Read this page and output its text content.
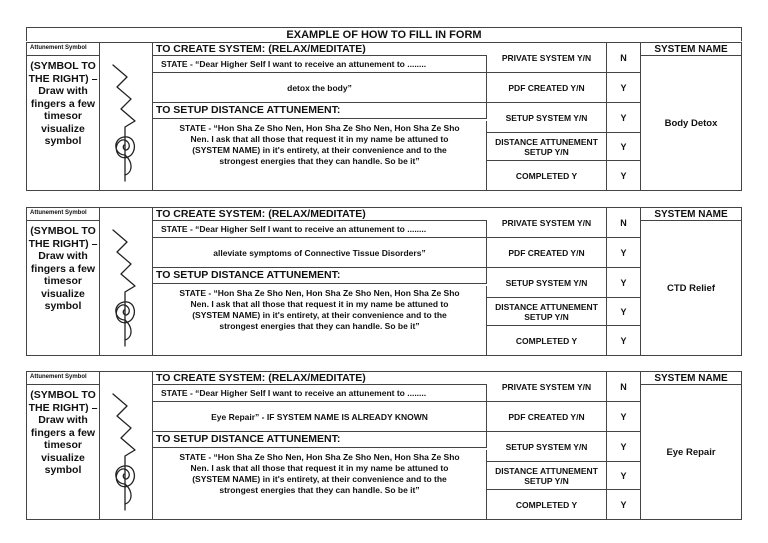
EXAMPLE OF HOW TO FILL IN FORM
Attunement Symbol
(SYMBOL TO THE RIGHT) – Draw with fingers a few timesor visualize symbol
TO CREATE SYSTEM: (RELAX/MEDITATE)
STATE - “Dear Higher Self I want to receive an attunement to ........
detox the body”
TO SETUP DISTANCE ATTUNEMENT:
STATE - “Hon Sha Ze Sho Nen, Hon Sha Ze Sho Nen, Hon Sha Ze Sho
Nen. I ask that all those that request it in my name be attuned to
(SYSTEM NAME) in it's entirety, at their convenience and to the
strongest energies that they can handle. So be it”
PRIVATE SYSTEM Y/N	N
PDF CREATED Y/N	Y
SETUP SYSTEM Y/N	Y
DISTANCE ATTUNEMENT SETUP Y/N	Y
COMPLETED Y	Y
SYSTEM NAME
Body Detox
Attunement Symbol
(SYMBOL TO THE RIGHT) – Draw with fingers a few timesor visualize symbol
TO CREATE SYSTEM: (RELAX/MEDITATE)
STATE - “Dear Higher Self I want to receive an attunement to ........
alleviate symptoms of Connective Tissue Disorders”
TO SETUP DISTANCE ATTUNEMENT:
STATE - “Hon Sha Ze Sho Nen, Hon Sha Ze Sho Nen, Hon Sha Ze Sho
Nen. I ask that all those that request it in my name be attuned to
(SYSTEM NAME) in it's entirety, at their convenience and to the
strongest energies that they can handle. So be it”
PRIVATE SYSTEM Y/N	N
PDF CREATED Y/N	Y
SETUP SYSTEM Y/N	Y
DISTANCE ATTUNEMENT SETUP Y/N	Y
COMPLETED Y	Y
SYSTEM NAME
CTD Relief
Attunement Symbol
(SYMBOL TO THE RIGHT) – Draw with fingers a few timesor visualize symbol
TO CREATE SYSTEM: (RELAX/MEDITATE)
STATE - “Dear Higher Self I want to receive an attunement to ........
Eye Repair” - IF SYSTEM NAME IS ALREADY KNOWN
TO SETUP DISTANCE ATTUNEMENT:
STATE - “Hon Sha Ze Sho Nen, Hon Sha Ze Sho Nen, Hon Sha Ze Sho
Nen. I ask that all those that request it in my name be attuned to
(SYSTEM NAME) in it's entirety, at their convenience and to the
strongest energies that they can handle. So be it”
PRIVATE SYSTEM Y/N	N
PDF CREATED Y/N	Y
SETUP SYSTEM Y/N	Y
DISTANCE ATTUNEMENT SETUP Y/N	Y
COMPLETED Y	Y
SYSTEM NAME
Eye Repair
